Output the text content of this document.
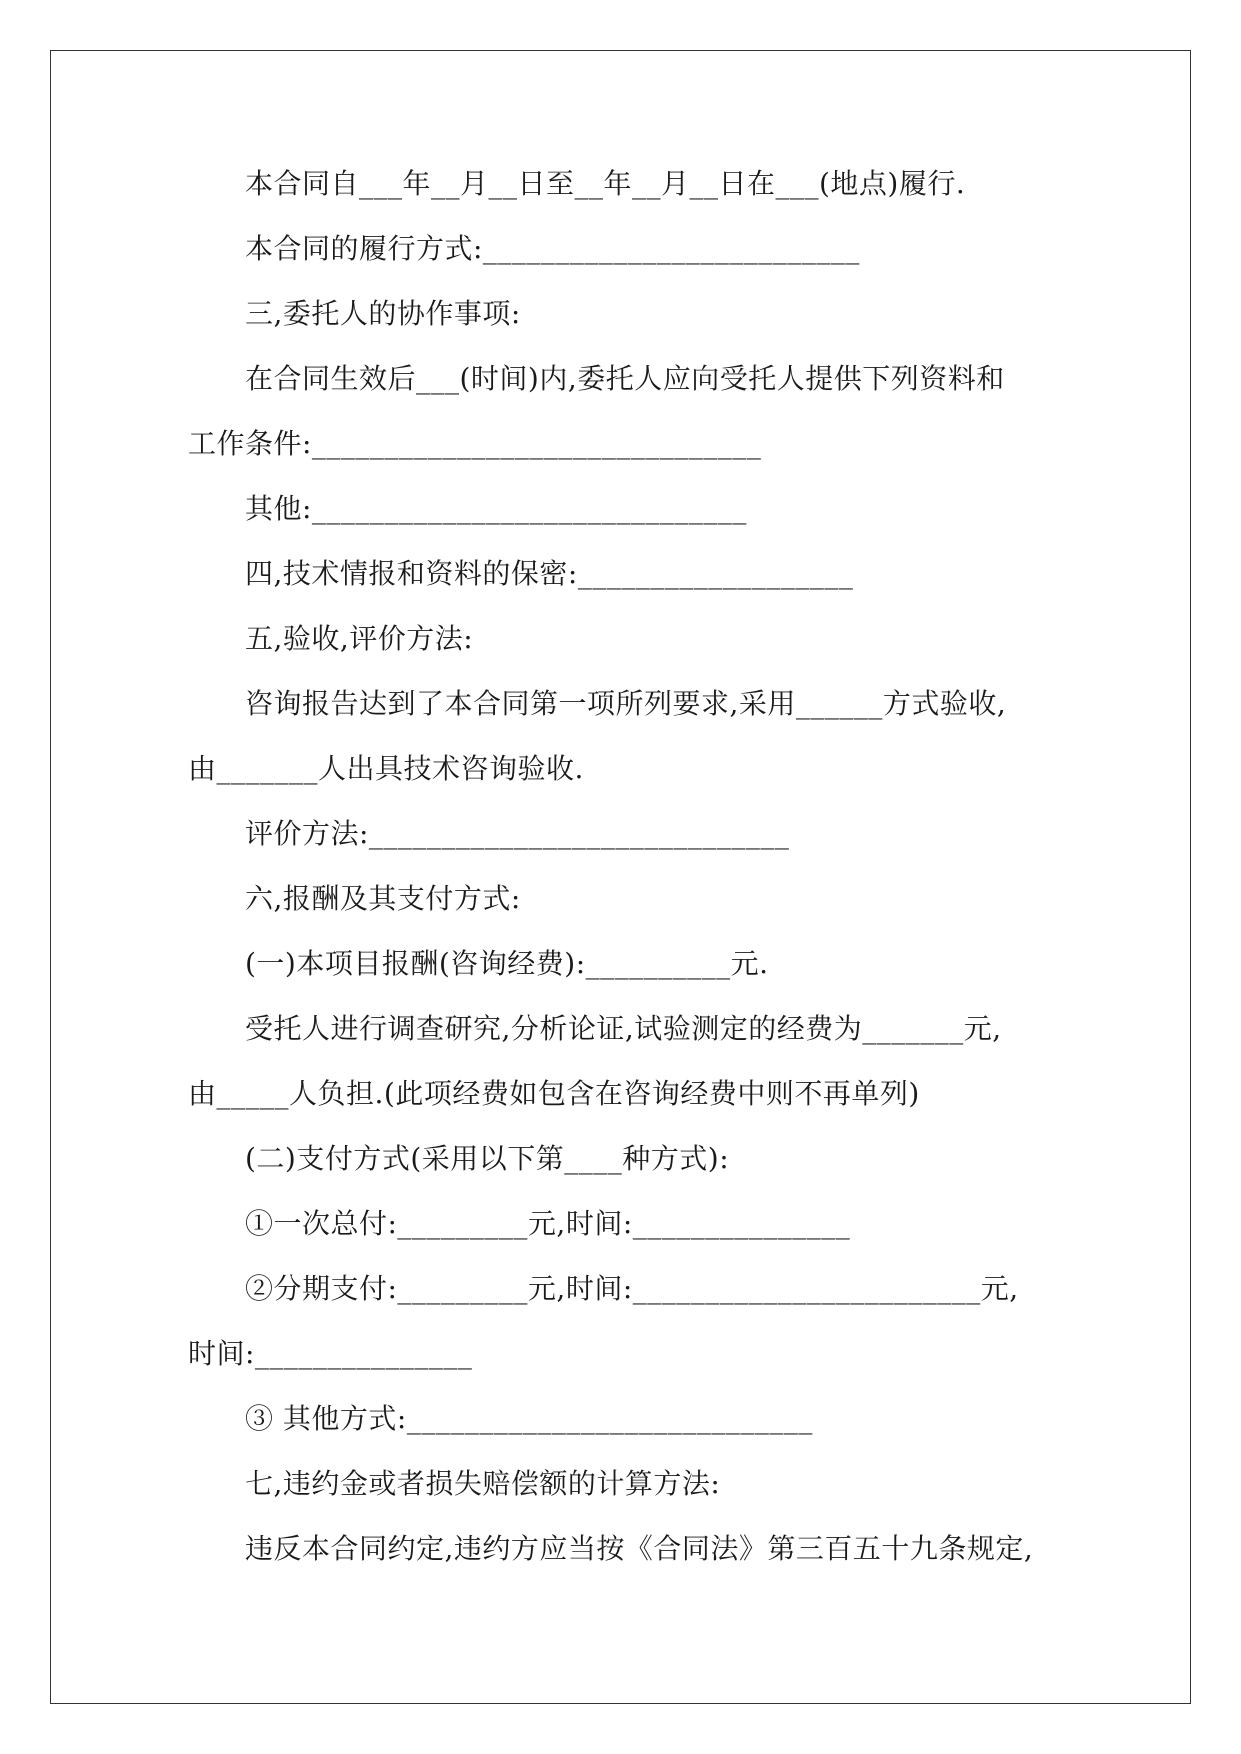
本合同自___年__月__日至__年__月__日在___(地点)履行.
本合同的履行方式:__________________________
三,委托人的协作事项:
在合同生效后___(时间)内,委托人应向受托人提供下列资料和
工作条件:_______________________________
其他:______________________________
四,技术情报和资料的保密:___________________
五,验收,评价方法:
咨询报告达到了本合同第一项所列要求,采用______方式验收,
由_______人出具技术咨询验收.
评价方法:_____________________________
六,报酬及其支付方式:
(一)本项目报酬(咨询经费):__________元.
受托人进行调查研究,分析论证,试验测定的经费为_______元,
由_____人负担.(此项经费如包含在咨询经费中则不再单列)
(二)支付方式(采用以下第____种方式):
①一次总付:_________元,时间:_______________
②分期支付:_________元,时间:________________________元,
时间:_______________
③ 其他方式:____________________________
七,违约金或者损失赔偿额的计算方法:
违反本合同约定,违约方应当按《合同法》第三百五十九条规定,
